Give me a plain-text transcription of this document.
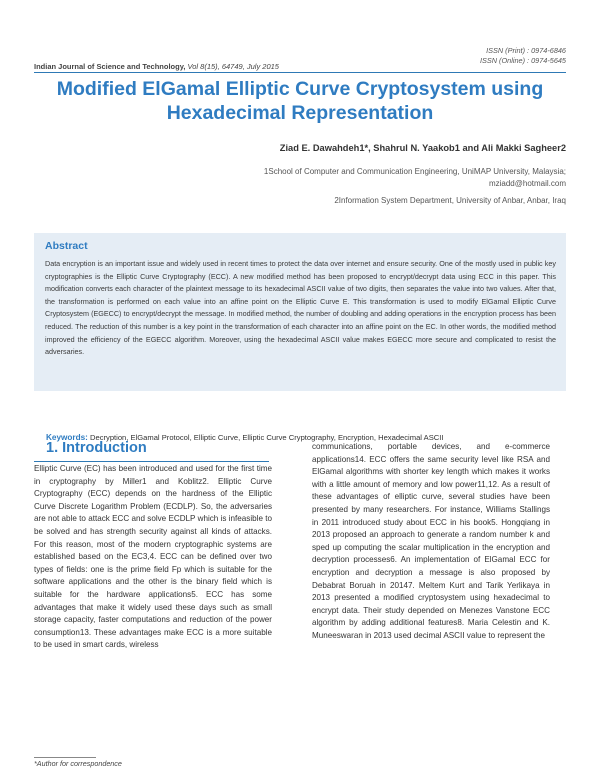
ISSN (Print) : 0974-6846
ISSN (Online) : 0974-5645
Indian Journal of Science and Technology, Vol 8(15), 64749, July 2015
Modified ElGamal Elliptic Curve Cryptosystem using Hexadecimal Representation
Ziad E. Dawahdeh1*, Shahrul N. Yaakob1 and Ali Makki Sagheer2
1School of Computer and Communication Engineering, UniMAP University, Malaysia; mziadd@hotmail.com
2Information System Department, University of Anbar, Anbar, Iraq
Abstract

Data encryption is an important issue and widely used in recent times to protect the data over internet and ensure security. One of the mostly used in public key cryptographies is the Elliptic Curve Cryptography (ECC). A new modified method has been proposed to encrypt/decrypt data using ECC in this paper. This modification converts each character of the plaintext message to its hexadecimal ASCII value of two digits, then separates the value into two values. After that, the transformation is performed on each value into an affine point on the Elliptic Curve E. This transformation is used to modify ElGamal Elliptic Curve Cryptosystem (EGECC) to encrypt/decrypt the message. In modified method, the number of doubling and adding operations in the encryption process has been reduced. The reduction of this number is a key point in the transformation of each character into an affine point on the EC. In other words, the modified method improved the efficiency of the EGECC algorithm. Moreover, using the hexadecimal ASCII value makes EGECC more secure and complicated to resist the adversaries.

Keywords: Decryption, ElGamal Protocol, Elliptic Curve, Elliptic Curve Cryptography, Encryption, Hexadecimal ASCII
1. Introduction
Elliptic Curve (EC) has been introduced and used for the first time in cryptography by Miller1 and Koblitz2. Elliptic Curve Cryptography (ECC) depends on the hardness of the Elliptic Curve Discrete Logarithm Problem (ECDLP). So, the adversaries are not able to attack ECC and solve ECDLP which is infeasible to be solved and has strength security against all kinds of attacks. For this reason, most of the modern cryptographic systems are established based on the EC3,4. ECC can be defined over two types of fields: one is the prime field Fp which is suitable for the software applications and the other is the binary field which is suitable for the hardware applications5. ECC has some advantages that make it widely used these days such as small storage capacity, faster computations and reduction of the power consumption13. These advantages make ECC is a more suitable to be used in smart cards, wireless
communications, portable devices, and e-commerce applications14. ECC offers the same security level like RSA and ElGamal algorithms with shorter key length which makes it works with a little amount of memory and low power11,12. As a result of these advantages of elliptic curve, several studies have been presented by many researchers. For instance, Williams Stallings in 2011 introduced study about ECC in his book5. Hongqiang in 2013 proposed an approach to generate a random number k and sped up computing the scalar multiplication in the encryption and decryption processes6. An implementation of ElGamal ECC for encryption and decryption a message is also proposed by Debabrat Boruah in 20147. Meltem Kurt and Tarik Yerlikaya in 2013 presented a modified cryptosystem using hexadecimal to encrypt data. Their study depended on Menezes Vanstone ECC algorithm by adding additional features8. Maria Celestin and K. Muneeswaran in 2013 used decimal ASCII value to represent the
*Author for correspondence
